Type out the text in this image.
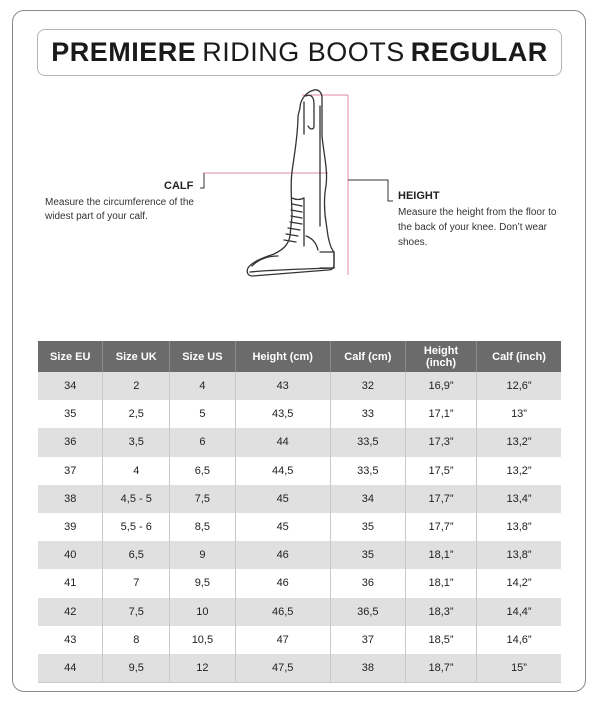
PREMIERE RIDING BOOTS REGULAR
CALF
Measure the circumference of the widest part of your calf.
HEIGHT
Measure the height from the floor to the back of your knee. Don’t wear shoes.
Size EU	Size UK	Size US	Height (cm)	Calf (cm)	Height (inch)	Calf (inch)
34	2	4	43	32	16,9”	12,6”
35	2,5	5	43,5	33	17,1”	13”
36	3,5	6	44	33,5	17,3”	13,2”
37	4	6,5	44,5	33,5	17,5”	13,2”
38	4,5 - 5	7,5	45	34	17,7”	13,4”
39	5,5 - 6	8,5	45	35	17,7”	13,8”
40	6,5	9	46	35	18,1”	13,8”
41	7	9,5	46	36	18,1”	14,2”
42	7,5	10	46,5	36,5	18,3”	14,4”
43	8	10,5	47	37	18,5”	14,6”
44	9,5	12	47,5	38	18,7”	15”
